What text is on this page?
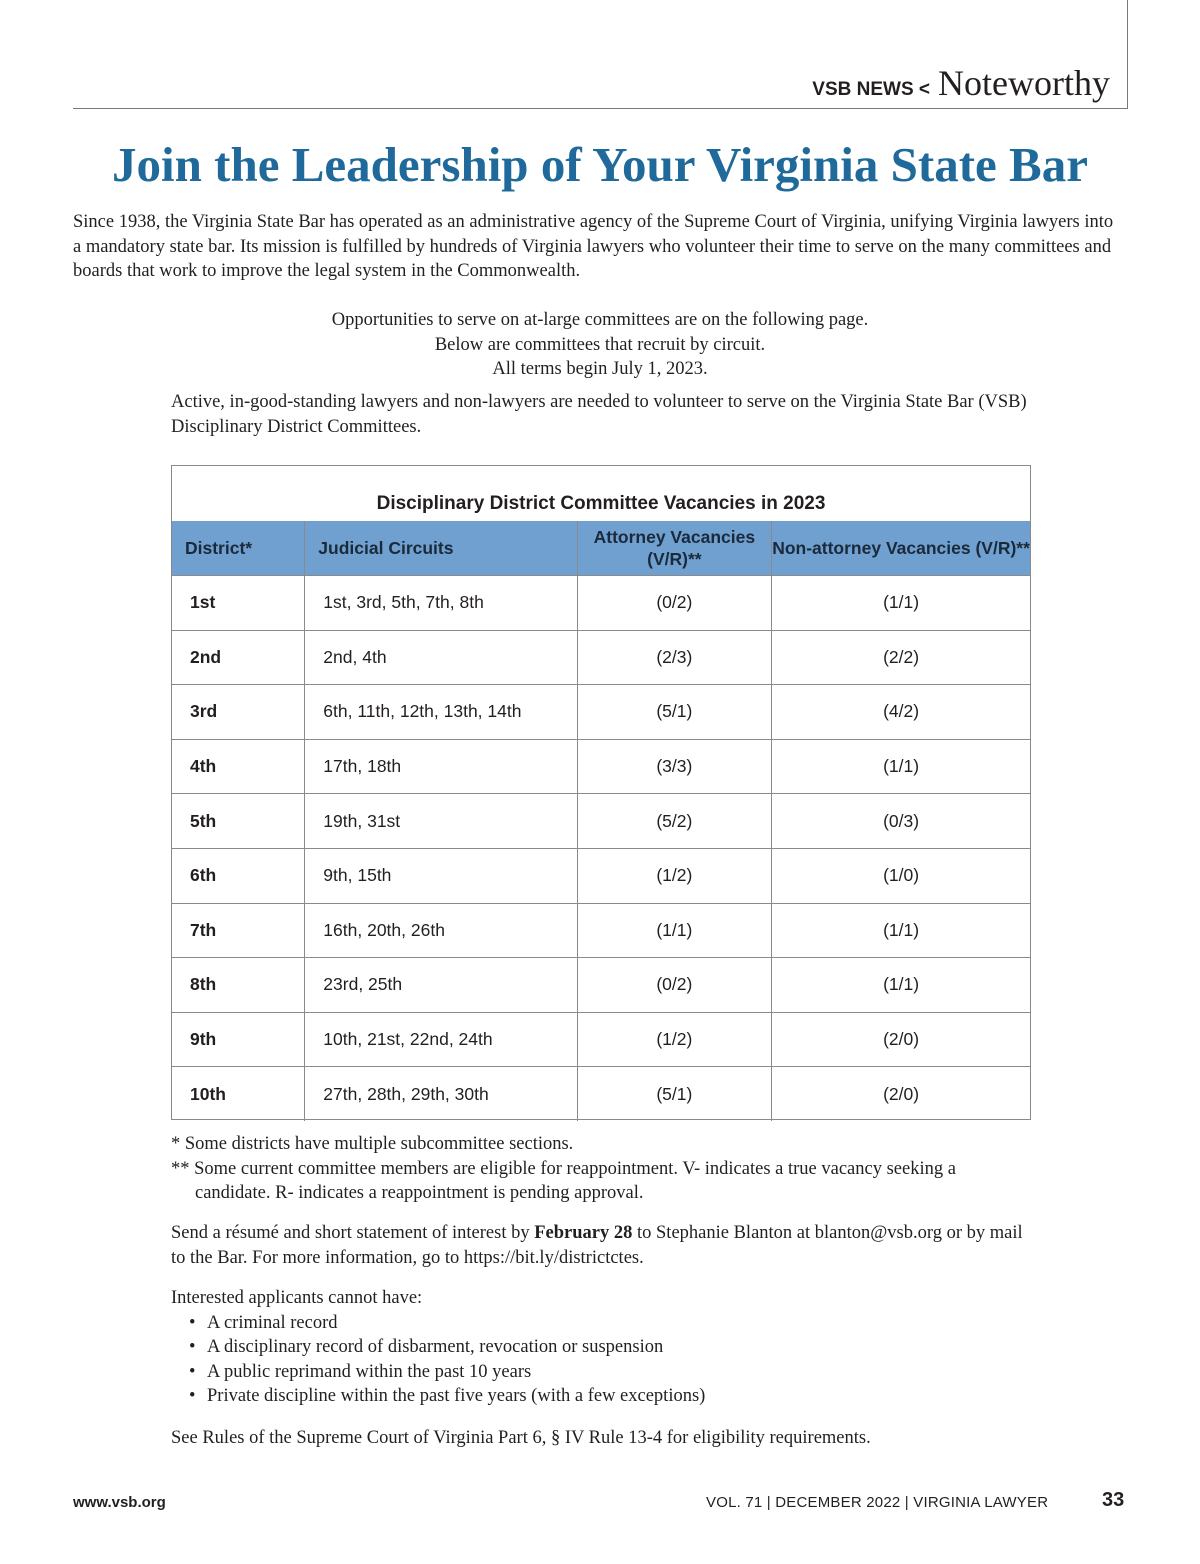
VSB NEWS < Noteworthy
Join the Leadership of Your Virginia State Bar

Since 1938, the Virginia State Bar has operated as an administrative agency of the Supreme Court of Virginia, unifying Virginia lawyers into a mandatory state bar. Its mission is fulfilled by hundreds of Virginia lawyers who volunteer their time to serve on the many committees and boards that work to improve the legal system in the Commonwealth.

Opportunities to serve on at-large committees are on the following page.
Below are committees that recruit by circuit.
All terms begin July 1, 2023.

Active, in-good-standing lawyers and non-lawyers are needed to volunteer to serve on the Virginia State Bar (VSB) Disciplinary District Committees.

Disciplinary District Committee Vacancies in 2023
District*	Judicial Circuits	Attorney Vacancies (V/R)**	Non-attorney Vacancies (V/R)**
1st	1st, 3rd, 5th, 7th, 8th	(0/2)	(1/1)
2nd	2nd, 4th	(2/3)	(2/2)
3rd	6th, 11th, 12th, 13th, 14th	(5/1)	(4/2)
4th	17th, 18th	(3/3)	(1/1)
5th	19th, 31st	(5/2)	(0/3)
6th	9th, 15th	(1/2)	(1/0)
7th	16th, 20th, 26th	(1/1)	(1/1)
8th	23rd, 25th	(0/2)	(1/1)
9th	10th, 21st, 22nd, 24th	(1/2)	(2/0)
10th	27th, 28th, 29th, 30th	(5/1)	(2/0)
* Some districts have multiple subcommittee sections.
** Some current committee members are eligible for reappointment. V- indicates a true vacancy seeking a candidate. R- indicates a reappointment is pending approval.

Send a résumé and short statement of interest by February 28 to Stephanie Blanton at blanton@vsb.org or by mail to the Bar. For more information, go to https://bit.ly/districtctes.

Interested applicants cannot have:
• A criminal record
• A disciplinary record of disbarment, revocation or suspension
• A public reprimand within the past 10 years
• Private discipline within the past five years (with a few exceptions)

See Rules of the Supreme Court of Virginia Part 6, § IV Rule 13-4 for eligibility requirements.

www.vsb.org	VOL. 71 | DECEMBER 2022 | VIRGINIA LAWYER	33
